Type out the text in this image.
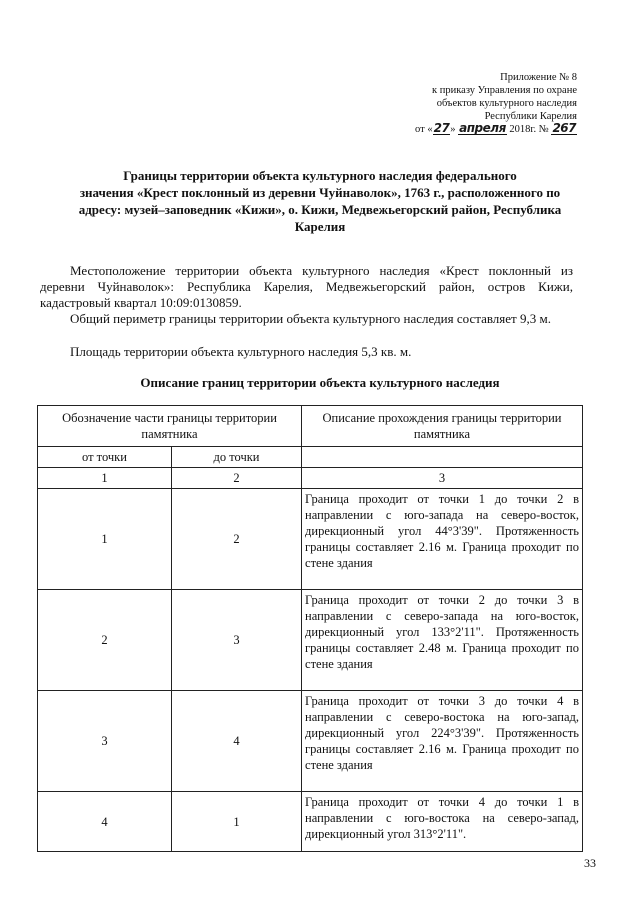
Приложение № 8
к приказу Управления по охране
объектов культурного наследия
Республики Карелия
от «27» апреля 2018г. № 267
Границы территории объекта культурного наследия федерального
значения «Крест поклонный из деревни Чуйнаволок», 1763 г., расположенного по
адресу: музей–заповедник «Кижи», о. Кижи, Медвежьегорский район, Республика
Карелия
Местоположение территории объекта культурного наследия «Крест поклонный из деревни Чуйнаволок»: Республика Карелия, Медвежьегорский район, остров Кижи, кадастровый квартал 10:09:0130859.
Общий периметр границы территории объекта культурного наследия составляет 9,3 м.
Площадь территории объекта культурного наследия 5,3 кв. м.
Описание границ территории объекта культурного наследия
Обозначение части границы территории памятника		Описание прохождения границы территории памятника
от точки	до точки	
1	2	3
1	2	Граница проходит от точки 1 до точки 2 в направлении с юго-запада на северо-восток, дирекционный угол 44°3'39". Протяженность границы составляет 2.16 м. Граница проходит по стене здания
2	3	Граница проходит от точки 2 до точки 3 в направлении с северо-запада на юго-восток, дирекционный угол 133°2'11". Протяженность границы составляет 2.48 м. Граница проходит по стене здания
3	4	Граница проходит от точки 3 до точки 4 в направлении с северо-востока на юго-запад, дирекционный угол 224°3'39". Протяженность границы составляет 2.16 м. Граница проходит по стене здания
4	1	Граница проходит от точки 4 до точки 1 в направлении с юго-востока на северо-запад, дирекционный угол 313°2'11".
33
